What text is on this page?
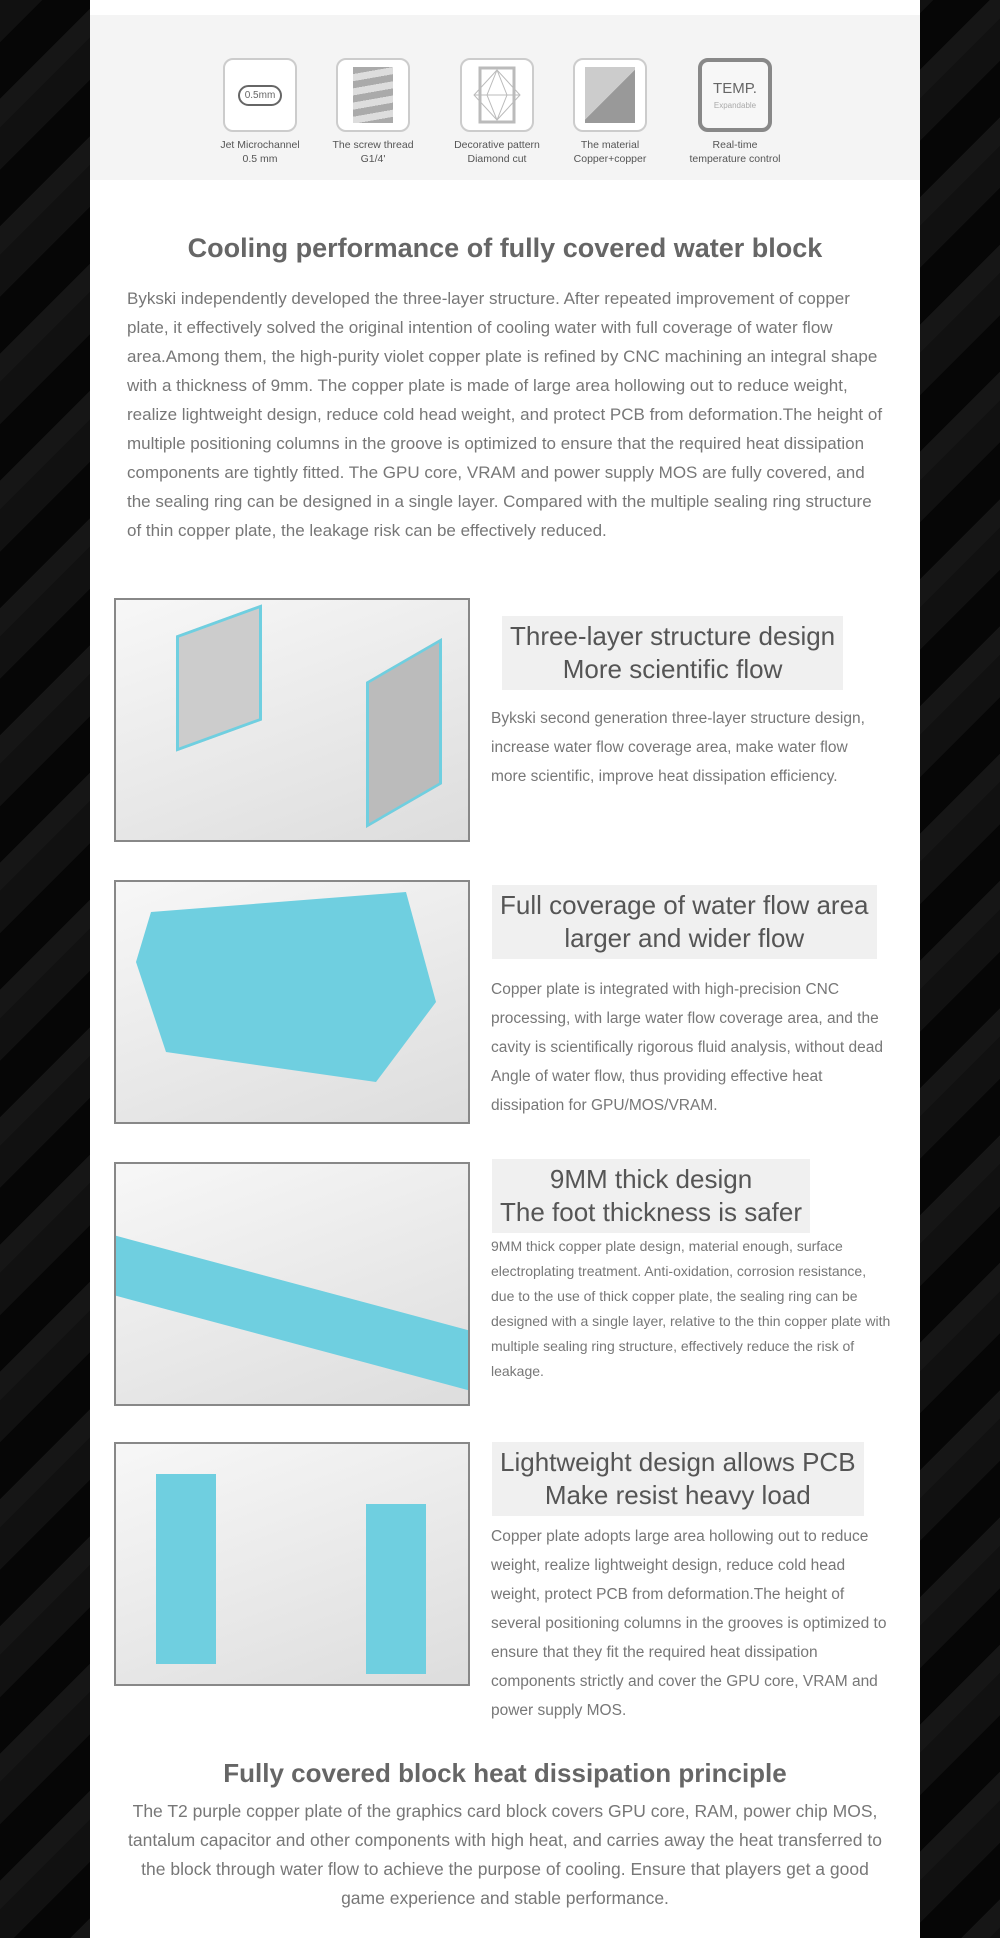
0.5mm
Jet Microchannel
0.5 mm
The screw thread
G1/4'
Decorative pattern
Diamond cut
The material
Copper+copper
TEMP.
Expandable
Real-time
temperature control
Cooling performance of fully covered water block
Bykski independently developed the three-layer structure. After repeated improvement of copper plate, it effectively solved the original intention of cooling water with full coverage of water flow area.Among them, the high-purity violet copper plate is refined by CNC machining an integral shape with a thickness of 9mm. The copper plate is made of large area hollowing out to reduce weight, realize lightweight design, reduce cold head weight, and protect PCB from deformation.The height of multiple positioning columns in the groove is optimized to ensure that the required heat dissipation components are tightly fitted. The GPU core, VRAM and power supply MOS are fully covered, and the sealing ring can be designed in a single layer. Compared with the multiple sealing ring structure of thin copper plate, the leakage risk can be effectively reduced.
Three-layer structure design
More scientific flow
Bykski second generation three-layer structure design, increase water flow coverage area, make water flow more scientific, improve heat dissipation efficiency.
Full coverage of water flow area
larger and wider flow
Copper plate is integrated with high-precision CNC processing, with large water flow coverage area, and the cavity is scientifically rigorous fluid analysis, without dead Angle of water flow, thus providing effective heat dissipation for GPU/MOS/VRAM.
9MM thick design
The foot thickness is safer
9MM thick copper plate design, material enough, surface electroplating treatment. Anti-oxidation, corrosion resistance, due to the use of thick copper plate, the sealing ring can be designed with a single layer, relative to the thin copper plate with multiple sealing ring structure, effectively reduce the risk of leakage.
Lightweight design allows PCB
Make resist heavy load
Copper plate adopts large area hollowing out to reduce weight, realize lightweight design, reduce cold head weight, protect PCB from deformation.The height of several positioning columns in the grooves is optimized to ensure that they fit the required heat dissipation components strictly and cover the GPU core, VRAM and power supply MOS.
Fully covered block heat dissipation principle
The T2 purple copper plate of the graphics card block covers GPU core, RAM, power chip MOS, tantalum capacitor and other components with high heat, and carries away the heat transferred to the block through water flow to achieve the purpose of cooling. Ensure that players get a good game experience and stable performance.
